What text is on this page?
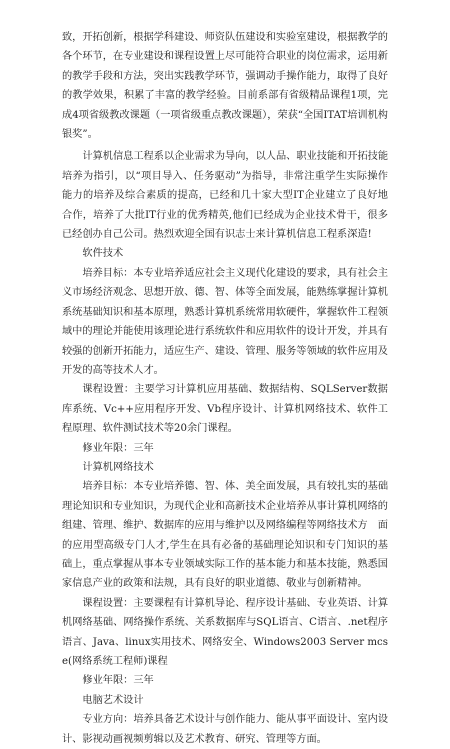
致，开拓创新，根据学科建设、师资队伍建设和实验室建设，根据教学的各个环节，在专业建设和课程设置上尽可能符合职业的岗位需求，运用新的教学手段和方法，突出实践教学环节，强调动手操作能力，取得了良好的教学效果，积累了丰富的教学经验。目前系部有省级精品课程1项，完成4项省级教改课题（一项省级重点教改课题），荣获“全国ITAT培训机构银奖”。

计算机信息工程系以企业需求为导向，以人品、职业技能和开拓技能培养为指引，以“项目导入、任务驱动”为指导，非常注重学生实际操作能力的培养及综合素质的提高，已经和几十家大型IT企业建立了良好地合作，培养了大批IT行业的优秀精英,他们已经成为企业技术骨干，很多已经创办自己公司。热烈欢迎全国有识志士来计算机信息工程系深造!

软件技术

培养目标：本专业培养适应社会主义现代化建设的要求，具有社会主义市场经济观念、思想开放、德、智、体等全面发展，能熟练掌握计算机系统基础知识和基本原理，熟悉计算机系统常用软硬件，掌握软件工程领域中的理论并能使用该理论进行系统软件和应用软件的设计开发，并具有较强的创新开拓能力，适应生产、建设、管理、服务等领域的软件应用及开发的高等技术人才。

课程设置：主要学习计算机应用基础、数据结构、SQLServer数据库系统、Vc++应用程序开发、Vb程序设计、计算机网络技术、软件工程原理、软件测试技术等20余门课程。

修业年限：三年

计算机网络技术

培养目标：本专业培养德、智、体、美全面发展，具有较扎实的基础理论知识和专业知识，为现代企业和高新技术企业培养从事计算机网络的组建、管理、维护、数据库的应用与维护以及网络编程等网络技术方　面的应用型高级专门人才,学生在具有必备的基础理论知识和专门知识的基础上，重点掌握从事本专业领域实际工作的基本能力和基本技能，熟悉国家信息产业的政策和法规，具有良好的职业道德、敬业与创新精神。

课程设置：主要课程有计算机导论、程序设计基础、专业英语、计算机网络基础、网络操作系统、关系数据库与SQL语言、C语言、.net程序语言、Java、linux实用技术、网络安全、Windows2003 Server mcse(网络系统工程师)课程

修业年限：三年

电脑艺术设计

专业方向：培养具备艺术设计与创作能力、能从事平面设计、室内设计、影视动画视频剪辑以及艺术教育、研究、管理等方面。
